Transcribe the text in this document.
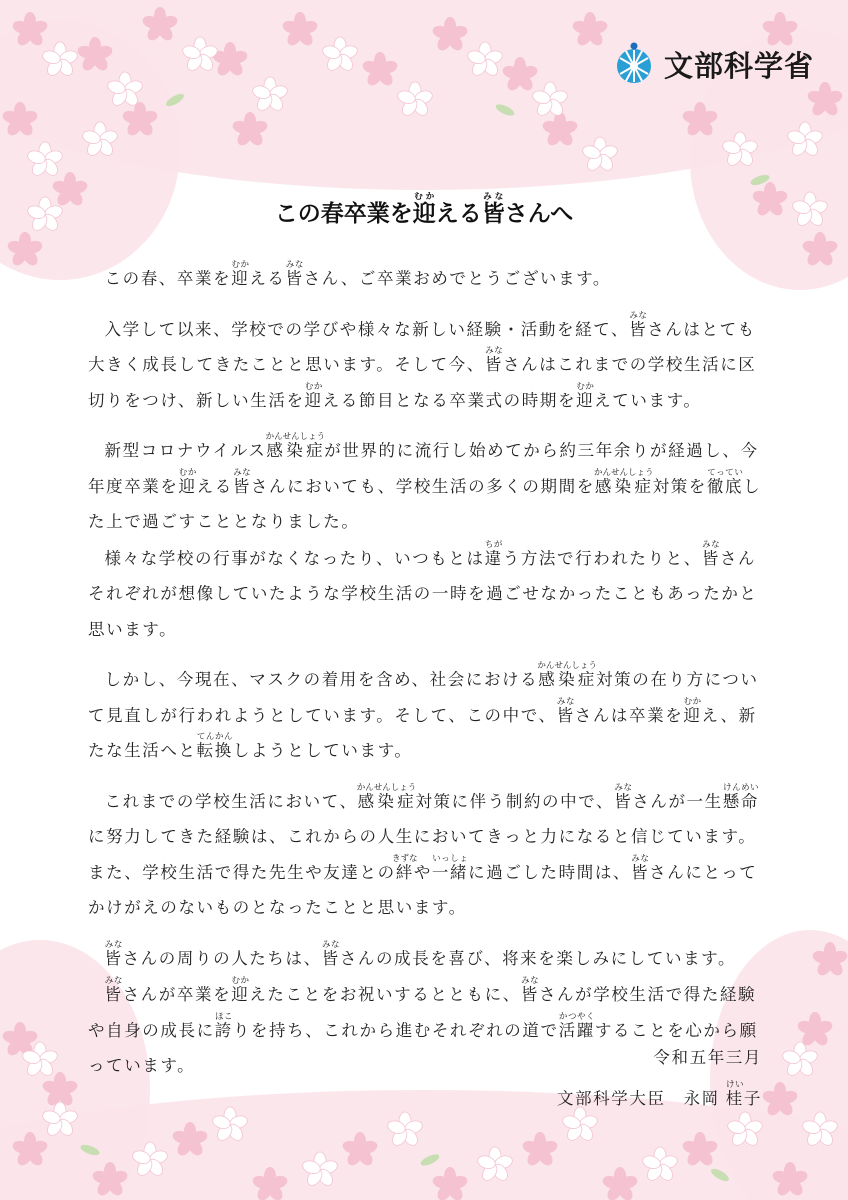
文部科学省
この春卒業を迎むかえる皆みなさんへ

この春、卒業を迎むかえる皆みなさん、ご卒業おめでとうございます。

入学して以来、学校での学びや様々な新しい経験・活動を経て、皆みなさんはとても大きく成長してきたことと思います。そして今、皆みなさんはこれまでの学校生活に区切りをつけ、新しい生活を迎むかえる節目となる卒業式の時期を迎むかえています。

新型コロナウイルス感染症かんせんしょうが世界的に流行し始めてから約三年余りが経過し、今年度卒業を迎むかえる皆みなさんにおいても、学校生活の多くの期間を感染症かんせんしょう対策を徹底てっていした上で過ごすこととなりました。

様々な学校の行事がなくなったり、いつもとは違ちがう方法で行われたりと、皆みなさんそれぞれが想像していたような学校生活の一時を過ごせなかったこともあったかと思います。

しかし、今現在、マスクの着用を含め、社会における感染症かんせんしょう対策の在り方について見直しが行われようとしています。そして、この中で、皆みなさんは卒業を迎むかえ、新たな生活へと転換てんかんしようとしています。

これまでの学校生活において、感染症かんせんしょう対策に伴う制約の中で、皆みなさんが一生懸命けんめいに努力してきた経験は、これからの人生においてきっと力になると信じています。また、学校生活で得た先生や友達との絆きずなや一緒いっしょに過ごした時間は、皆みなさんにとってかけがえのないものとなったことと思います。

皆みなさんの周りの人たちは、皆みなさんの成長を喜び、将来を楽しみにしています。

皆みなさんが卒業を迎むかえたことをお祝いするとともに、皆みなさんが学校生活で得た経験や自身の成長に誇ほこりを持ち、これから進むそれぞれの道で活躍かつやくすることを心から願っています。	令和五年三月
文部科学大臣 永岡 桂けい子
